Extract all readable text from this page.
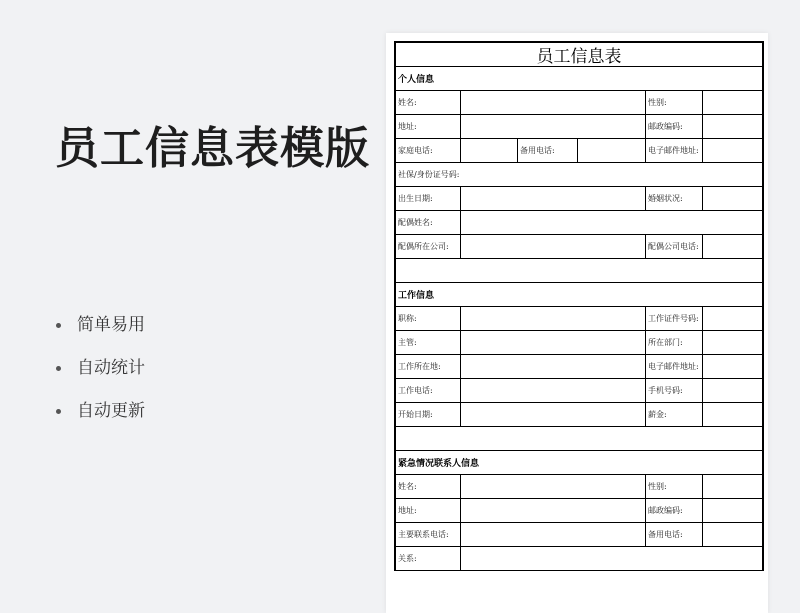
员工信息表模版
简单易用
自动统计
自动更新
员工信息表
个人信息
姓名:	性别:
地址:	邮政编码:
家庭电话:	备用电话:	电子邮件地址:
社保/身份证号码:
出生日期:	婚姻状况:
配偶姓名:
配偶所在公司:	配偶公司电话:
工作信息
职称:	工作证件号码:
主管:	所在部门:
工作所在地:	电子邮件地址:
工作电话:	手机号码:
开始日期:	薪金:
紧急情况联系人信息
姓名:	性别:
地址:	邮政编码:
主要联系电话:	备用电话:
关系:
